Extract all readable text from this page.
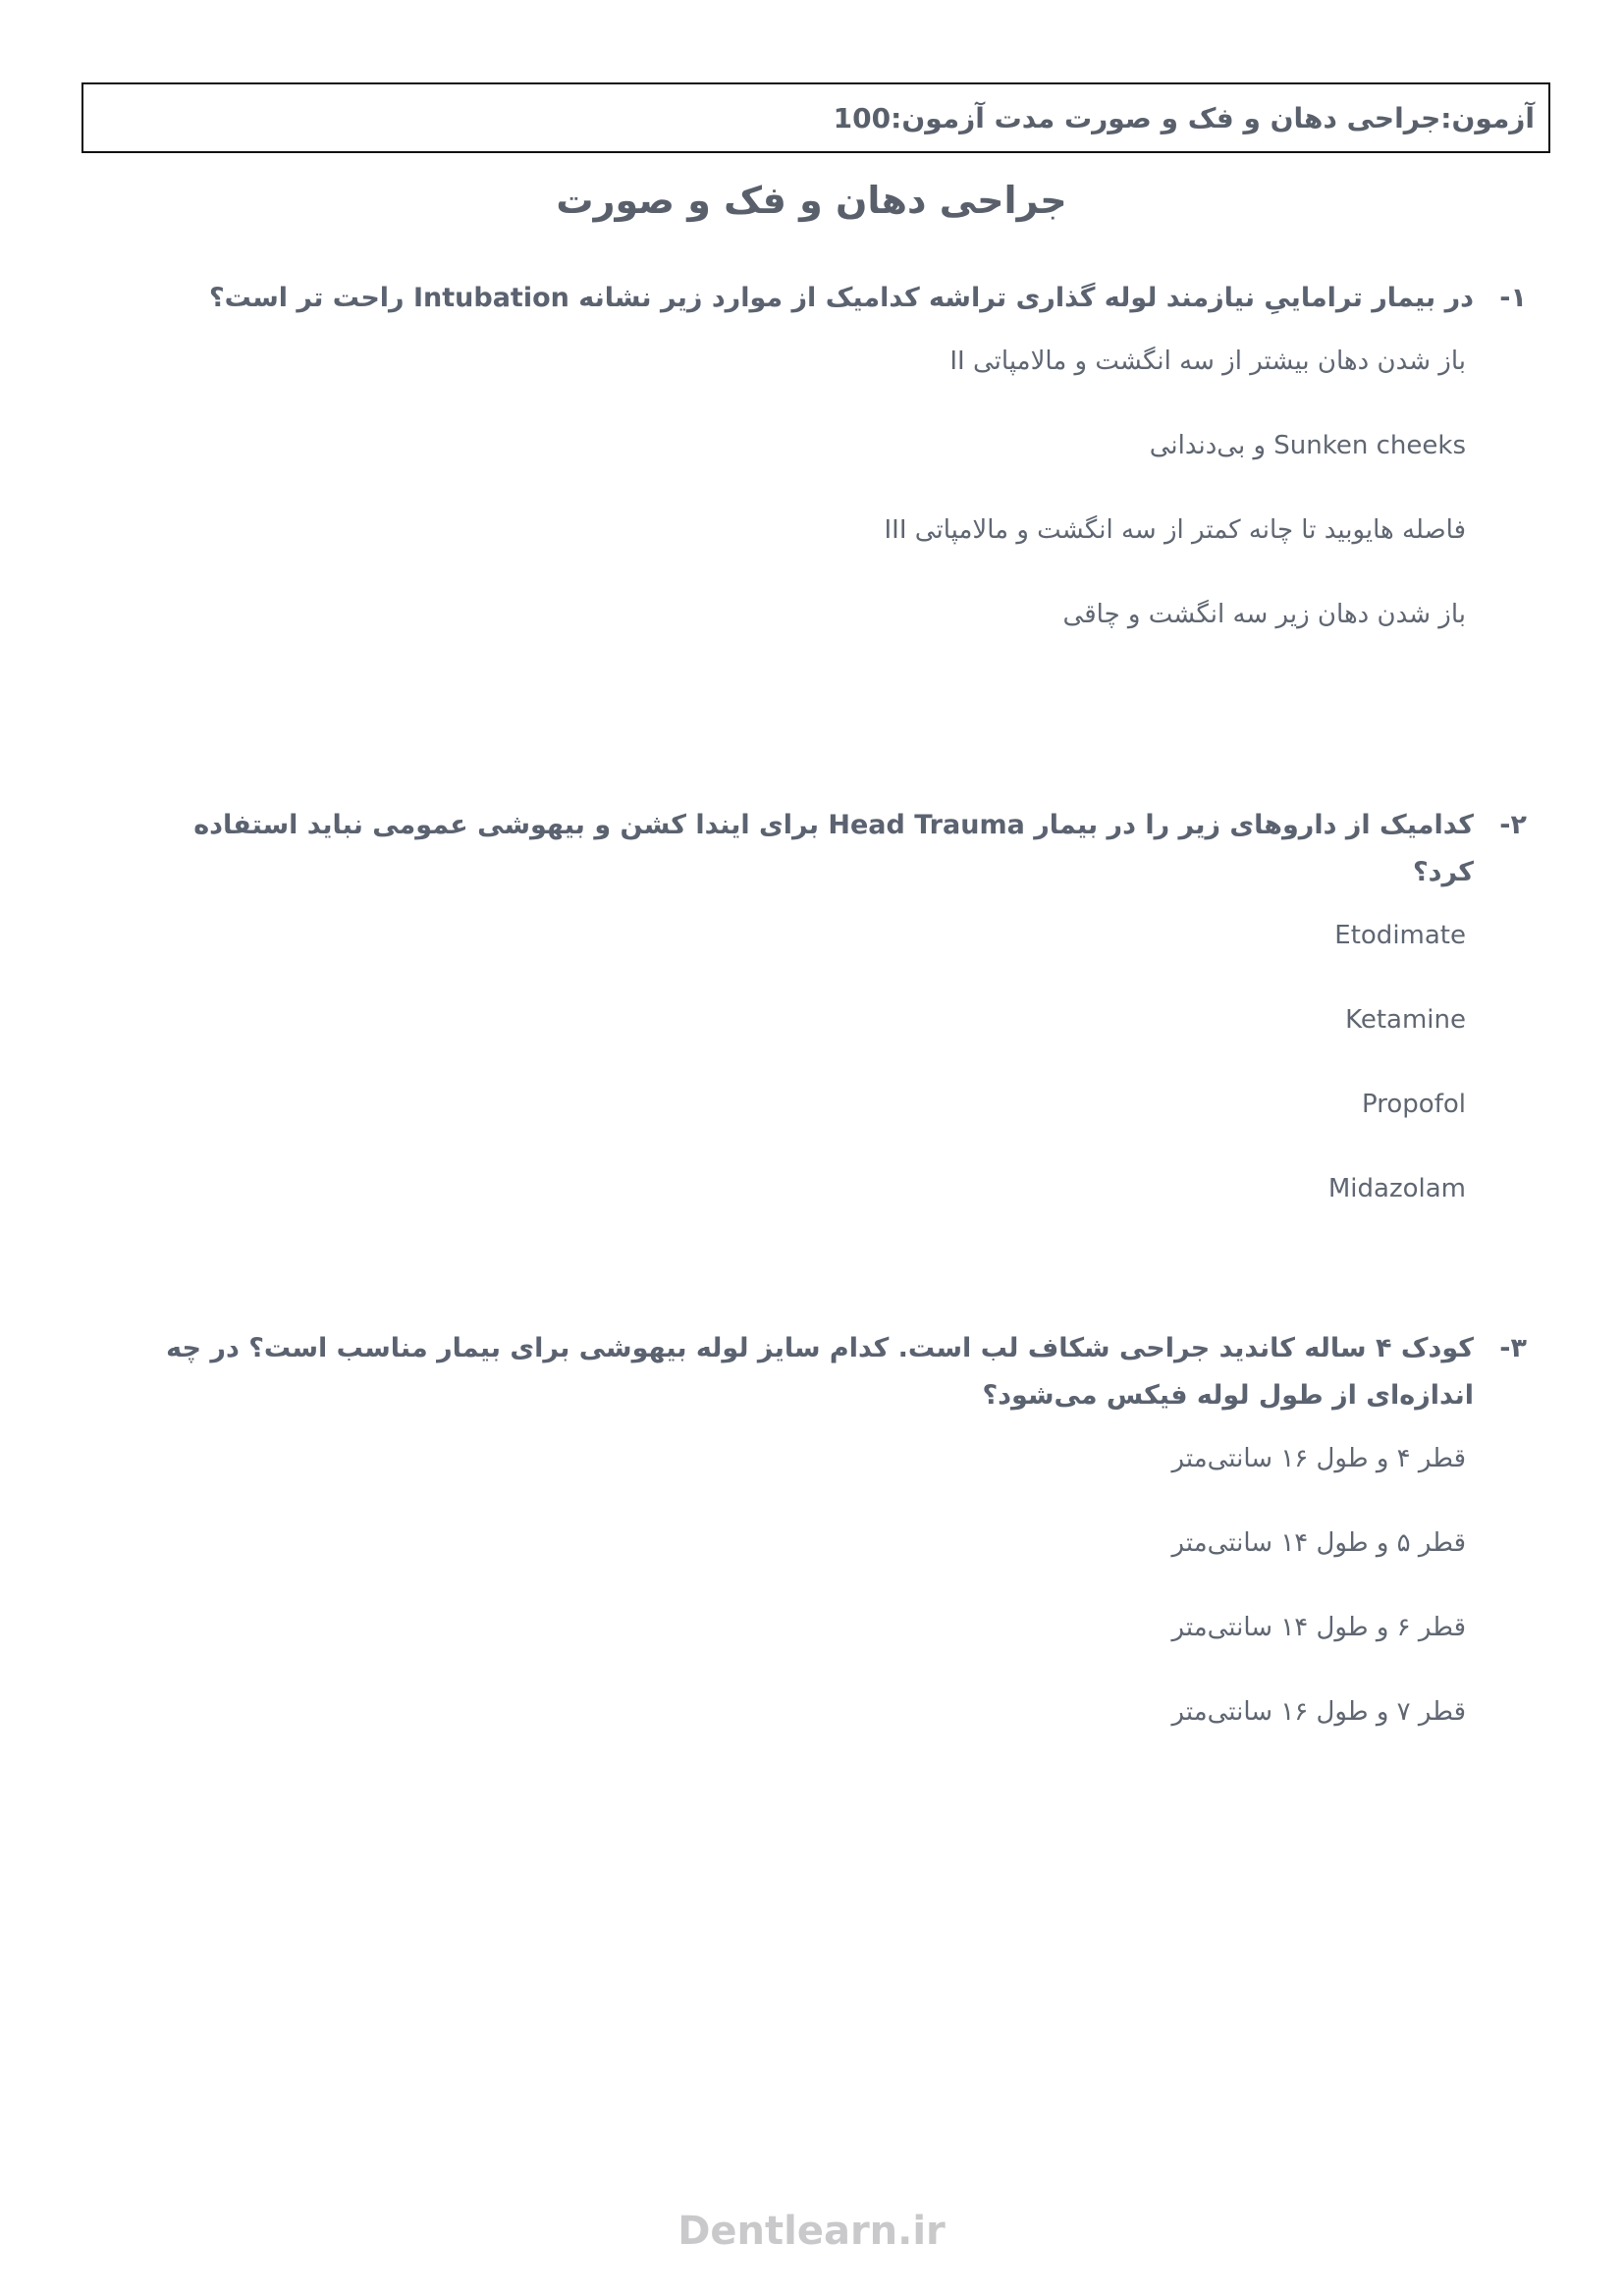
آزمون:جراحی دهان و فک و صورت مدت آزمون:100
جراحی دهان و فک و صورت
۱-
در بیمار تراماییِ نیازمند لوله گذاری تراشه کدامیک از موارد زیر نشانه Intubation راحت تر است؟
باز شدن دهان بیشتر از سه انگشت و مالامپاتی II
Sunken cheeks و بی‌دندانی
فاصله هایوبید تا چانه کمتر از سه انگشت و مالامپاتی III
باز شدن دهان زیر سه انگشت و چاقی
۲-
کدامیک از داروهای زیر را در بیمار Head Trauma برای ایندا کشن و بیهوشی عمومی نباید استفاده کرد؟
Etodimate
Ketamine
Propofol
Midazolam
۳-
کودک ۴ ساله کاندید جراحی شکاف لب است. کدام سایز لوله بیهوشی برای بیمار مناسب است؟ در چه اندازه‌ای از طول لوله فیکس می‌شود؟
قطر ۴ و طول ۱۶ سانتی‌متر
قطر ۵ و طول ۱۴ سانتی‌متر
قطر ۶ و طول ۱۴ سانتی‌متر
قطر ۷ و طول ۱۶ سانتی‌متر
Dentlearn.ir
